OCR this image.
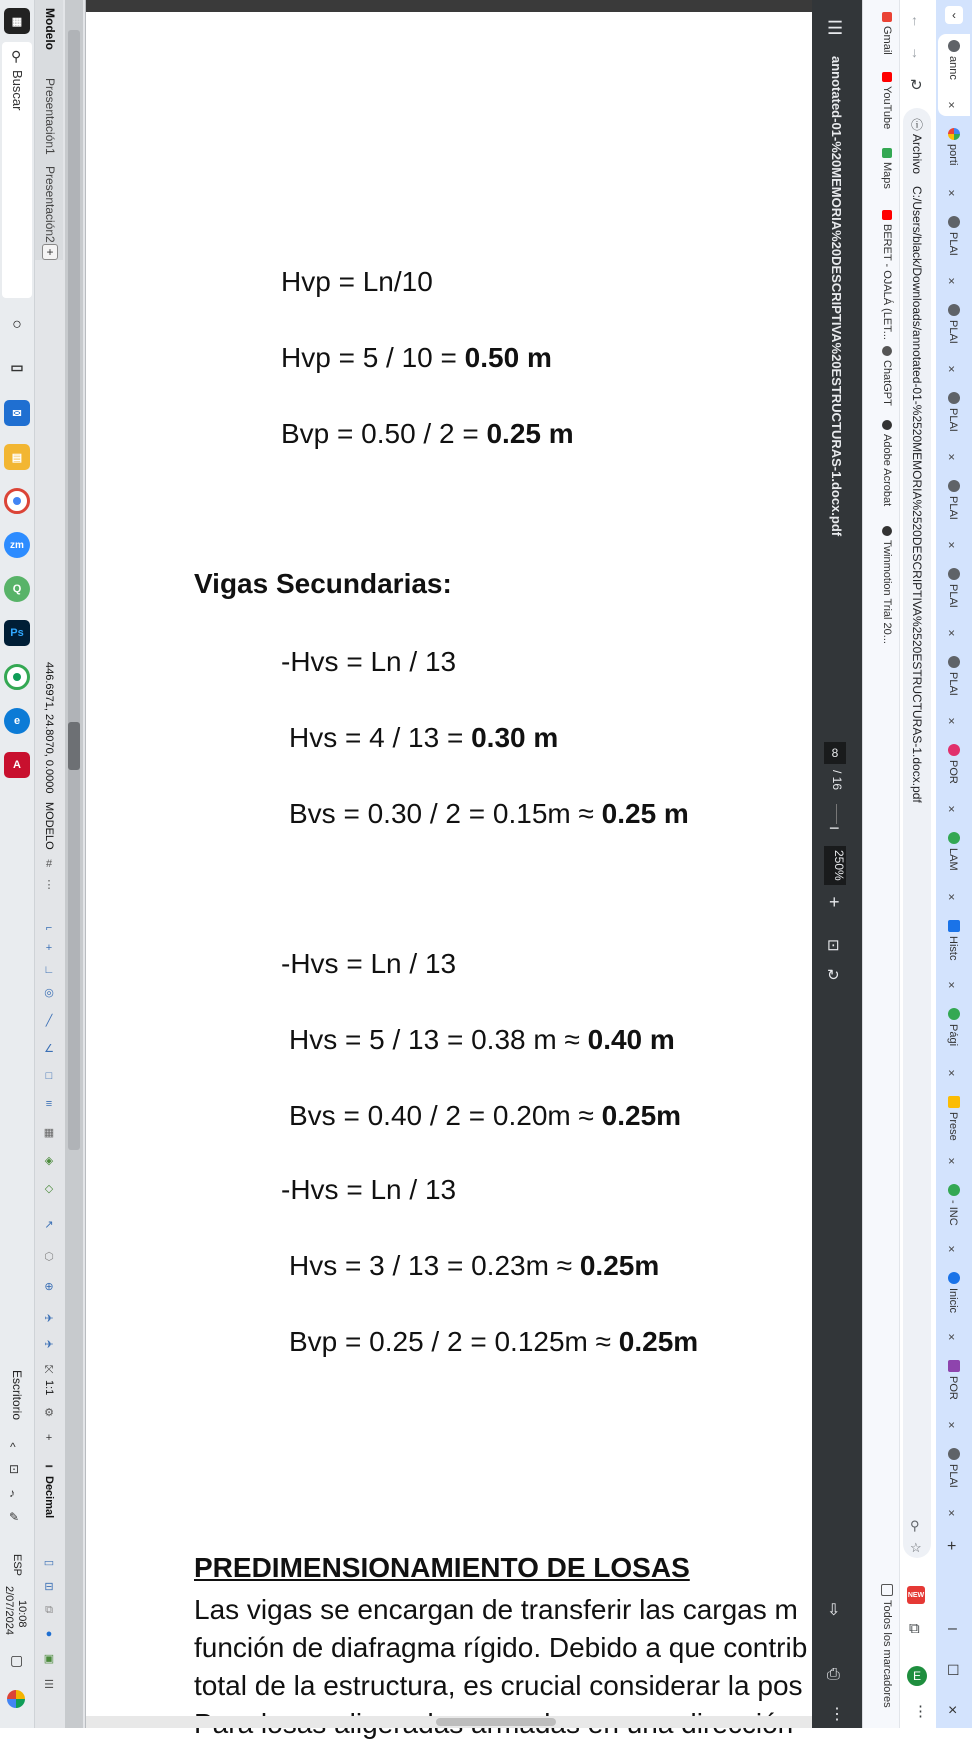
▦
⚲
Buscar
○
▭
✉
▤
zm
Q
Ps
e
A
Escritorio
^
⊡
♪
✎
ESP
10:08
2/07/2024
▢
Modelo
Presentación1
Presentación2
+
446.6971, 24.8070, 0.0000
MODELO
#
⋮
⌐
+
∟
◎
╱
∠
□
≡
▦
◈
◇
↗
⬡
⊕
✈
✈
⤧
1:1
⚙
+
━
Decimal
▭
⊟
⧉
●
▣
☰
Hvp = Ln/10
Hvp = 5 / 10 = 0.50 m
Bvp = 0.50 / 2 = 0.25 m
Vigas Secundarias:
-Hvs = Ln / 13
Hvs = 4 / 13 = 0.30 m
Bvs = 0.30 / 2 = 0.15m ≈ 0.25 m
-Hvs = Ln / 13
Hvs = 5 / 13 = 0.38 m ≈ 0.40 m
Bvs = 0.40 / 2 = 0.20m ≈ 0.25m
-Hvs = Ln / 13
Hvs = 3 / 13 = 0.23m ≈ 0.25m
Bvp = 0.25 / 2 = 0.125m ≈ 0.25m
PREDIMENSIONAMIENTO DE LOSAS
Las vigas se encargan de transferir las cargas m
función de diafragma rígido. Debido a que contrib
total de la estructura, es crucial considerar la pos
☰
annotated-01-%20MEMORIA%20DESCRIPTIVA%20ESTRUCTURAS-1.docx.pdf
8
/ 16
−
250%
+
⊡
↻
⇩
⎙
⋮
Gmail
YouTube
Maps
BERET - OJALÁ (LET...
ChatGPT
Adobe Acrobat
Twinmotion Trial 20...
Todos los marcadores
↑
↓
↻
ⓘ
Archivo
C:/Users/black/Downloads/annotated-01-%2520MEMORIA%2520DESCRIPTIVA%2520ESTRUCTURAS-1.docx.pdf
⚲
☆
NEW
⧉
E
⋮
‹
annc
×
porti
×
PLAI
×
PLAI
×
PLAI
×
PLAI
×
PLAI
×
PLAI
×
POR
×
LAM
×
Histc
×
Pági
×
Prese
×
- INC
×
Inicic
×
POR
×
PLAI
×
+
–
☐
×
